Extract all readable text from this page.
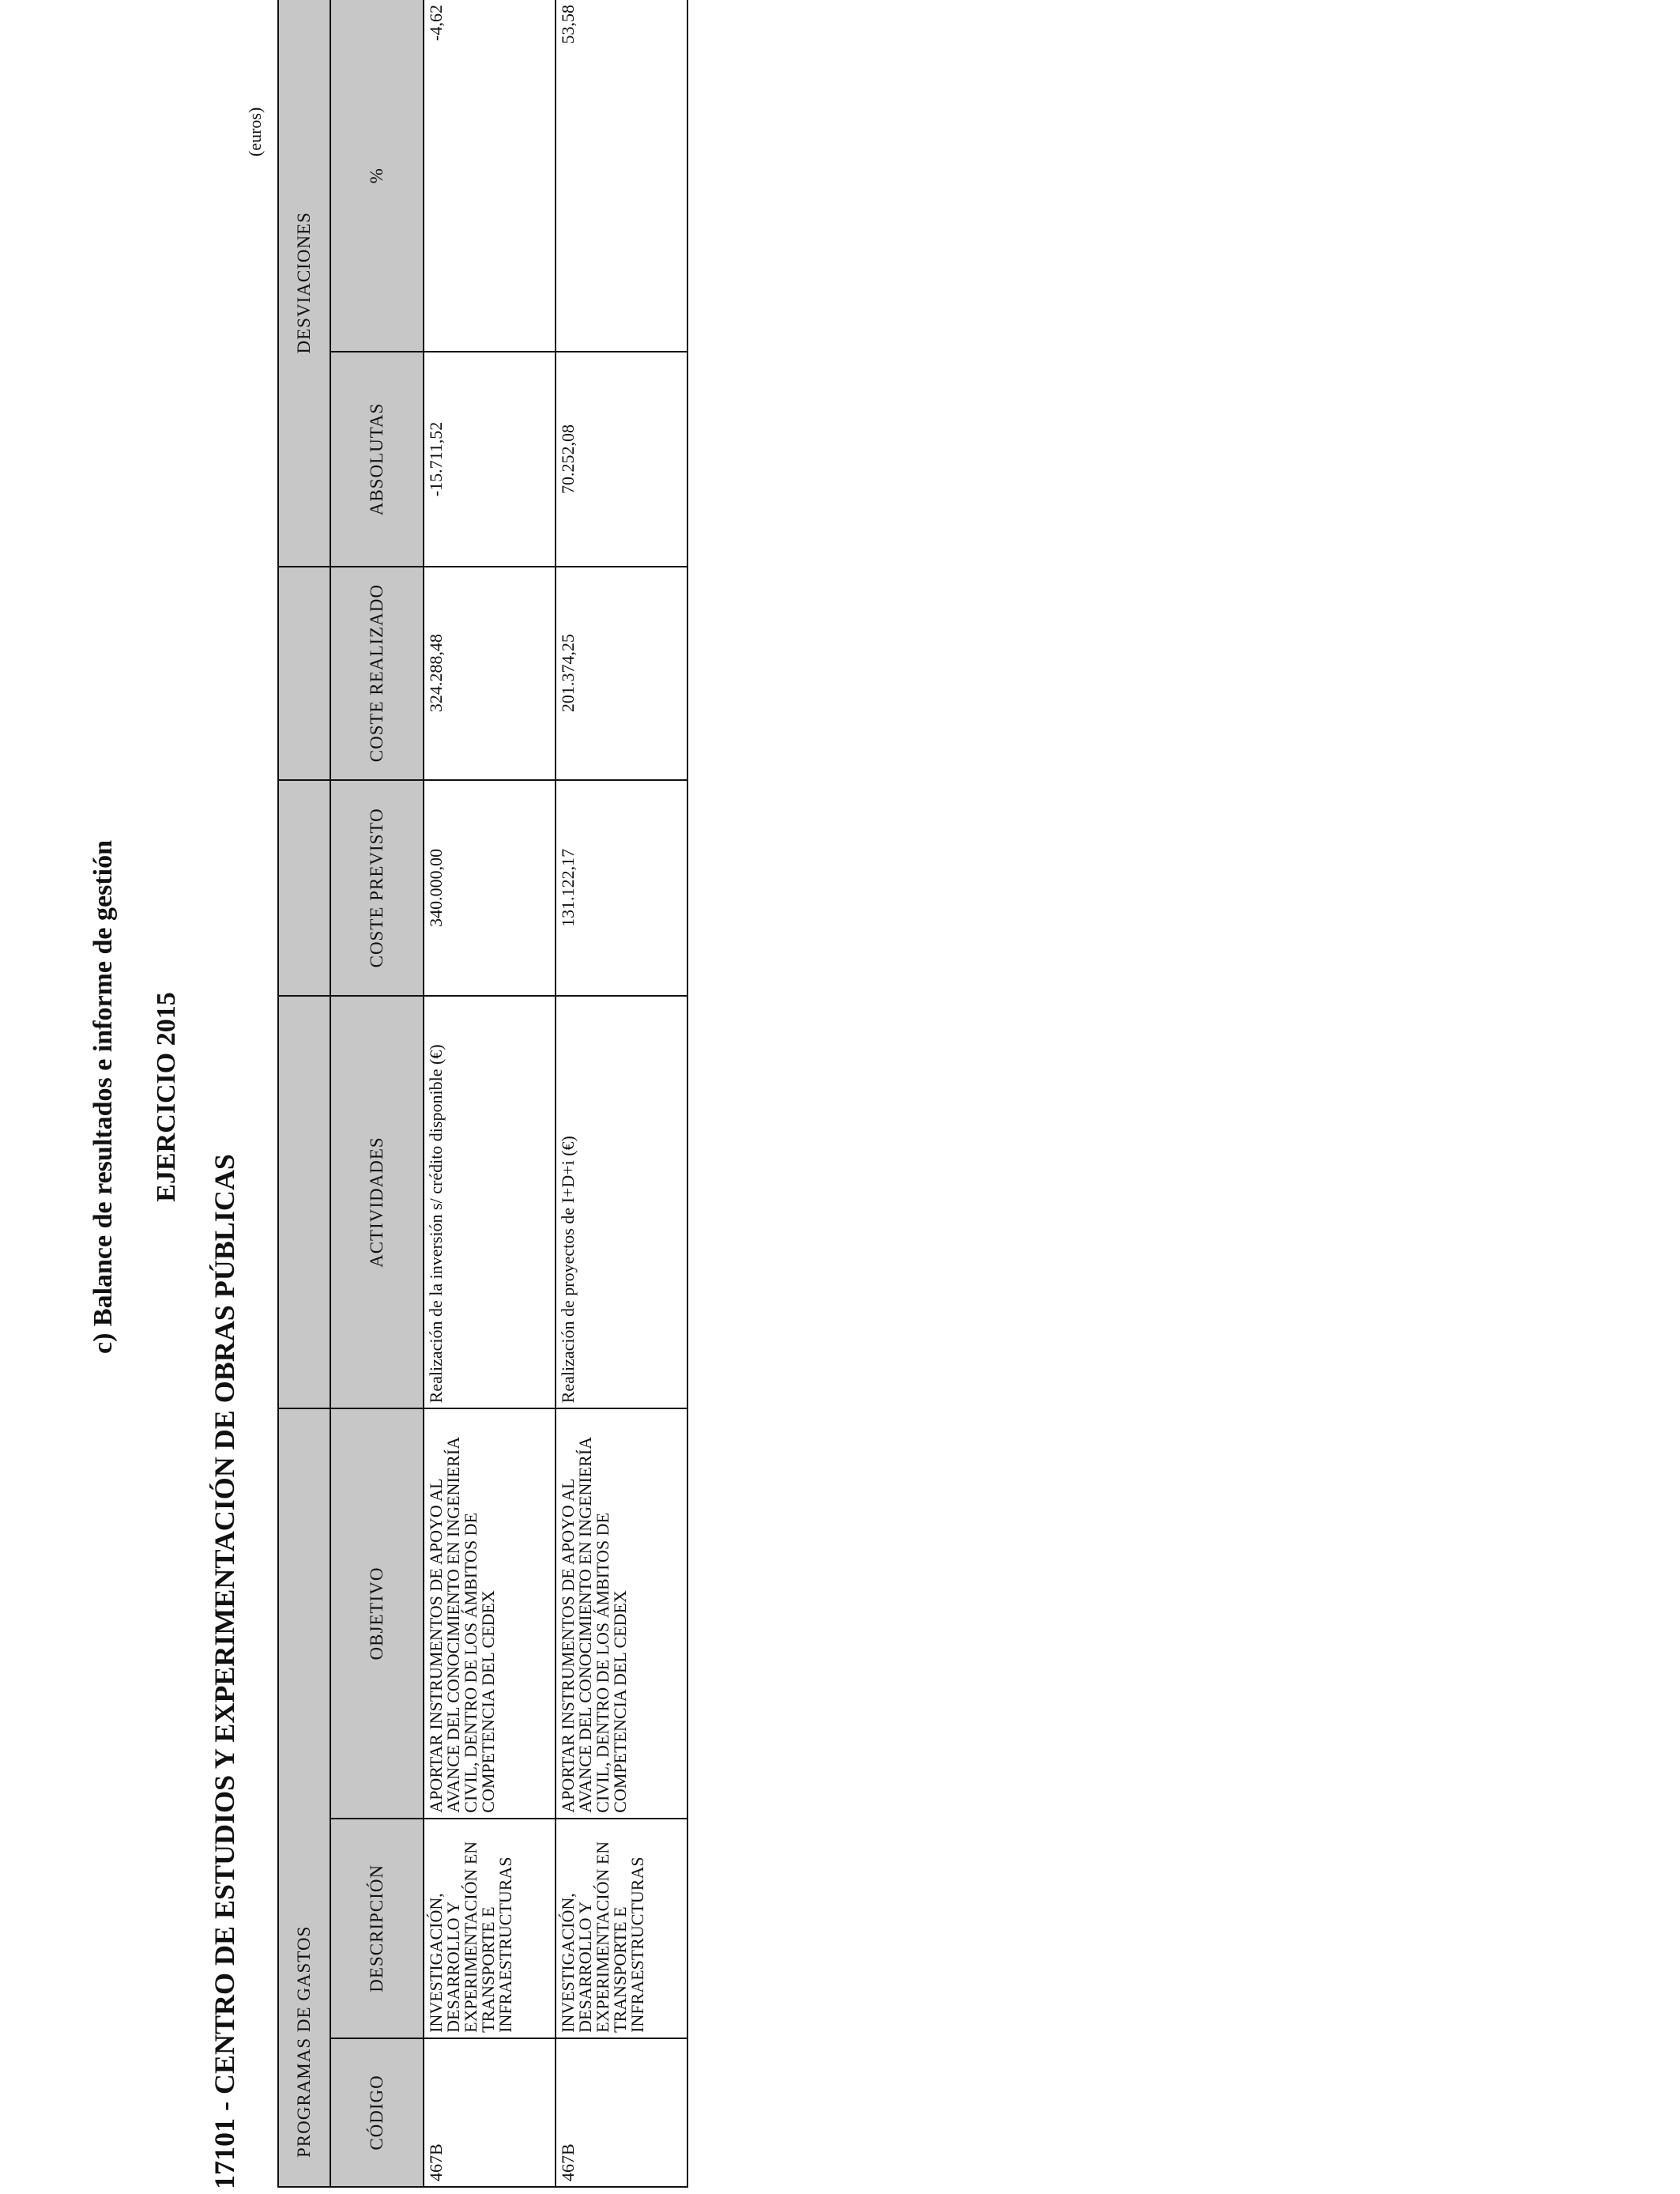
c) Balance de resultados e informe de gestión EJERCICIO 2015
17101 - CENTRO DE ESTUDIOS Y EXPERIMENTACIÓN DE OBRAS PÚBLICAS
(euros)
PROGRAMAS DE GASTOS						DESVIACIONES	
CÓDIGO	DESCRIPCIÓN	OBJETIVO	ACTIVIDADES	COSTE PREVISTO	COSTE REALIZADO	ABSOLUTAS	%
467B	INVESTIGACIÓN, DESARROLLO Y EXPERIMENTACIÓN EN TRANSPORTE E INFRAESTRUCTURAS	APORTAR INSTRUMENTOS DE APOYO AL AVANCE DEL CONOCIMIENTO EN INGENIERÍA CIVIL, DENTRO DE LOS ÁMBITOS DE COMPETENCIA DEL CEDEX	Realización de la inversión s/ crédito disponible (€)	340.000,00	324.288,48	-15.711,52	-4,62
467B	INVESTIGACIÓN, DESARROLLO Y EXPERIMENTACIÓN EN TRANSPORTE E INFRAESTRUCTURAS	APORTAR INSTRUMENTOS DE APOYO AL AVANCE DEL CONOCIMIENTO EN INGENIERÍA CIVIL, DENTRO DE LOS ÁMBITOS DE COMPETENCIA DEL CEDEX	Realización de proyectos de I+D+i (€)	131.122,17	201.374,25	70.252,08	53,58
